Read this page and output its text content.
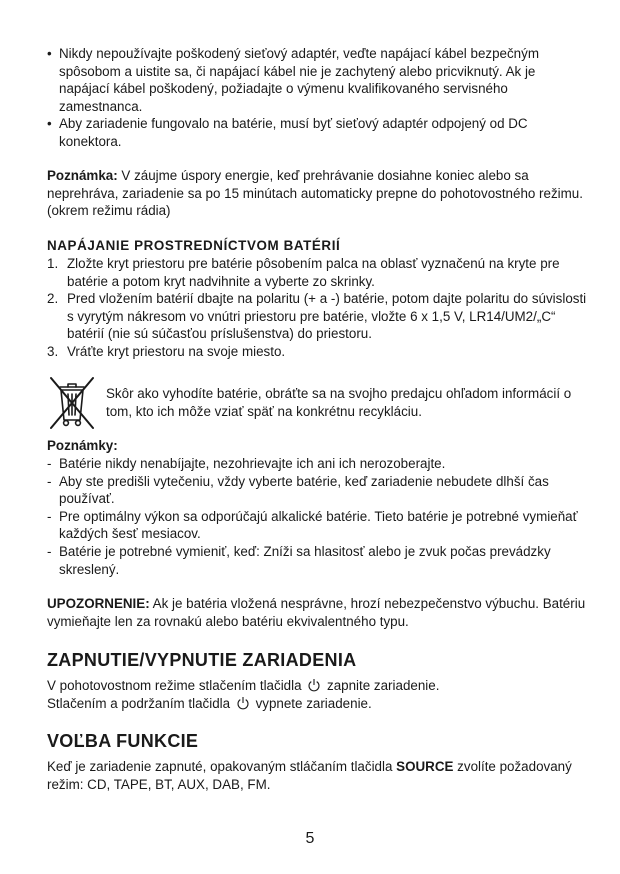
• Nikdy nepoužívajte poškodený sieťový adaptér, veďte napájací kábel bezpečným spôsobom a uistite sa, či napájací kábel nie je zachytený alebo pricviknutý. Ak je napájací kábel poškodený, požiadajte o výmenu kvalifikovaného servisného zamestnanca.
• Aby zariadenie fungovalo na batérie, musí byť sieťový adaptér odpojený od DC konektora.
Poznámka: V záujme úspory energie, keď prehrávanie dosiahne koniec alebo sa neprehráva, zariadenie sa po 15 minútach automaticky prepne do pohotovostného režimu. (okrem režimu rádia)
NAPÁJANIE PROSTREDNÍCTVOM BATÉRIÍ
1. Zložte kryt priestoru pre batérie pôsobením palca na oblasť vyznačenú na kryte pre batérie a potom kryt nadvihnite a vyberte zo skrinky.
2. Pred vložením batérií dbajte na polaritu (+ a -) batérie, potom dajte polaritu do súvislosti s vyrytým nákresom vo vnútri priestoru pre batérie, vložte 6 x 1,5 V, LR14/UM2/„C“ batérií (nie sú súčasťou príslušenstva) do priestoru.
3. Vráťte kryt priestoru na svoje miesto.
Skôr ako vyhodíte batérie, obráťte sa na svojho predajcu ohľadom informácií o tom, kto ich môže vziať späť na konkrétnu recykláciu.
Poznámky:
- Batérie nikdy nenabíjajte, nezohrievajte ich ani ich nerozoberajte.
- Aby ste predišli vytečeniu, vždy vyberte batérie, keď zariadenie nebudete dlhší čas používať.
- Pre optimálny výkon sa odporúčajú alkalické batérie. Tieto batérie je potrebné vymieňať každých šesť mesiacov.
- Batérie je potrebné vymieniť, keď: Zníži sa hlasitosť alebo je zvuk počas prevádzky skreslený.
UPOZORNENIE: Ak je batéria vložená nesprávne, hrozí nebezpečenstvo výbuchu. Batériu vymieňajte len za rovnakú alebo batériu ekvivalentného typu.
ZAPNUTIE/VYPNUTIE ZARIADENIA
V pohotovostnom režime stlačením tlačidla zapnite zariadenie.
Stlačením a podržaním tlačidla vypnete zariadenie.
VOĽBA FUNKCIE
Keď je zariadenie zapnuté, opakovaným stláčaním tlačidla SOURCE zvolíte požadovaný režim: CD, TAPE, BT, AUX, DAB, FM.
5
